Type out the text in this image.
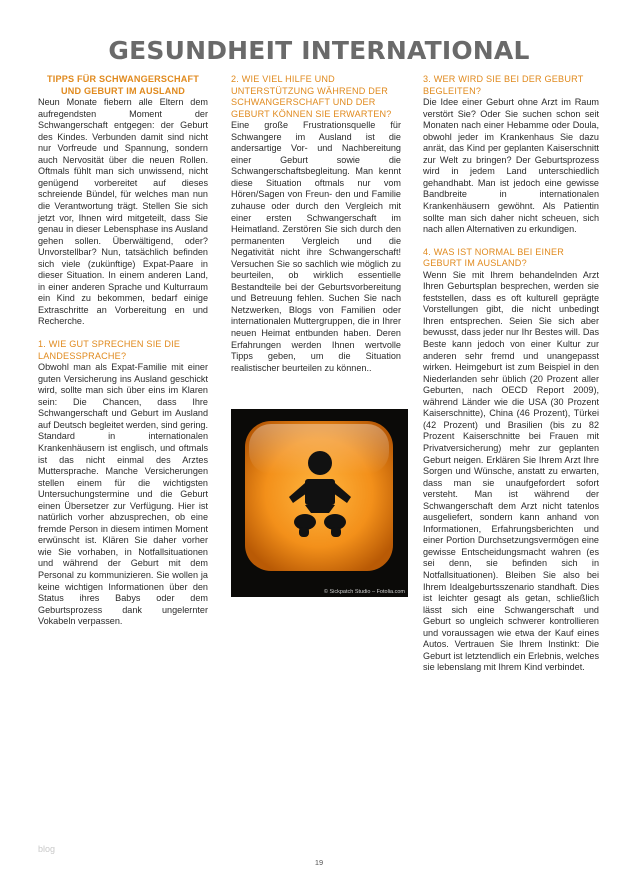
GESUNDHEIT INTERNATIONAL

TIPPS FÜR SCHWANGERSCHAFT UND GEBURT IM AUSLAND

Neun Monate fiebern alle Eltern dem aufregendsten Moment der Schwangerschaft entgegen: der Geburt des Kindes. Verbunden damit sind nicht nur Vorfreude und Spannung, sondern auch Nervosität über die neuen Rollen. Oftmals fühlt man sich unwissend, nicht genügend vorbereitet auf dieses schreiende Bündel, für welches man nun die Verantwortung trägt. Stellen Sie sich jetzt vor, Ihnen wird mitgeteilt, dass Sie genau in dieser Lebensphase ins Ausland gehen sollen. Überwältigend, oder? Unvorstellbar? Nun, tatsächlich befinden sich viele (zukünftige) Expat-Paare in dieser Situation. In einem anderen Land, in einer anderen Sprache und Kulturraum ein Kind zu bekommen, bedarf einige Extraschritte an Vorbereitung en und Recherche.

1. WIE GUT SPRECHEN SIE DIE LANDESSPRACHE?

Obwohl man als Expat-Familie mit einer guten Versicherung ins Ausland geschickt wird, sollte man sich über eins im Klaren sein: Die Chancen, dass Ihre Schwangerschaft und Geburt im Ausland auf Deutsch begleitet werden, sind gering. Standard in internationalen Krankenhäusern ist englisch, und oftmals ist das nicht einmal des Arztes Muttersprache. Manche Versicherungen stellen einem für die wichtigsten Untersuchungstermine und die Geburt einen Übersetzer zur Verfügung. Hier ist natürlich vorher abzusprechen, ob eine fremde Person in diesem intimen Moment erwünscht ist. Klären Sie daher vorher wie Sie vorhaben, in Notfallsituationen und während der Geburt mit dem Personal zu kommunizieren. Sie wollen ja keine wichtigen Informationen über den Status ihres Babys oder dem Geburtsprozess dank ungelernter Vokabeln verpassen.

2. WIE VIEL HILFE UND UNTERSTÜTZUNG WÄHREND DER SCHWANGERSCHAFT UND DER GEBURT KÖNNEN SIE ERWARTEN?

Eine große Frustrationsquelle für Schwangere im Ausland ist die andersartige Vor- und Nachbereitung einer Geburt sowie die Schwangerschaftsbegleitung. Man kennt diese Situation oftmals nur vom Hören/Sagen von Freun- den und Familie zuhause oder durch den Vergleich mit einer ersten Schwangerschaft im Heimatland. Zerstören Sie sich durch den permanenten Vergleich und die Negativität nicht ihre Schwangerschaft! Versuchen Sie so sachlich wie möglich zu beurteilen, ob wirklich essentielle Bestandteile bei der Geburtsvorbereitung und Betreuung fehlen. Suchen Sie nach Netzwerken, Blogs von Familien oder internationalen Muttergruppen, die in Ihrer neuen Heimat entbunden haben. Deren Erfahrungen werden Ihnen wertvolle Tipps geben, um die Situation realistischer beurteilen zu können..

© Sickpatch Studio – Fotolia.com

3. WER WIRD SIE BEI DER GEBURT BEGLEITEN?

Die Idee einer Geburt ohne Arzt im Raum verstört Sie? Oder Sie suchen schon seit Monaten nach einer Hebamme oder Doula, obwohl jeder im Krankenhaus Sie dazu anrät, das Kind per geplanten Kaiserschnitt zur Welt zu bringen? Der Geburtsprozess wird in jedem Land unterschiedlich gehandhabt. Man ist jedoch eine gewisse Bandbreite in internationalen Krankenhäusern gewöhnt. Als Patientin sollte man sich daher nicht scheuen, sich nach allen Alternativen zu erkundigen.

4. WAS IST NORMAL BEI EINER GEBURT IM AUSLAND?

Wenn Sie mit Ihrem behandelnden Arzt Ihren Geburtsplan besprechen, werden sie feststellen, dass es oft kulturell geprägte Vorstellungen gibt, die nicht unbedingt Ihren entsprechen. Seien Sie sich aber bewusst, dass jeder nur Ihr Bestes will. Das Beste kann jedoch von einer Kultur zur anderen sehr fremd und unangepasst wirken. Heimgeburt ist zum Beispiel in den Niederlanden sehr üblich (20 Prozent aller Geburten, nach OECD Report 2009), während Länder wie die USA (30 Prozent Kaiserschnitte), China (46 Prozent), Türkei (42 Prozent) und Brasilien (bis zu 82 Prozent Kaiserschnitte bei Frauen mit Privatversicherung) mehr zur geplanten Geburt neigen. Erklären Sie Ihrem Arzt Ihre Sorgen und Wünsche, anstatt zu erwarten, dass man sie unaufgefordert sofort versteht. Man ist während der Schwangerschaft dem Arzt nicht tatenlos ausgeliefert, sondern kann anhand von Informationen, Erfahrungsberichten und einer Portion Durchsetzungsvermögen eine gewisse Entscheidungsmacht wahren (es sei denn, sie befinden sich in Notfallsituationen). Bleiben Sie also bei Ihrem Idealgeburtsszenario standhaft. Dies ist leichter gesagt als getan, schließlich lässt sich eine Schwangerschaft und Geburt so ungleich schwerer kontrollieren und voraussagen wie etwa der Kauf eines Autos. Vertrauen Sie Ihrem Instinkt: Die Geburt ist letztendlich ein Erlebnis, welches sie lebenslang mit Ihrem Kind verbindet.

blog
19
